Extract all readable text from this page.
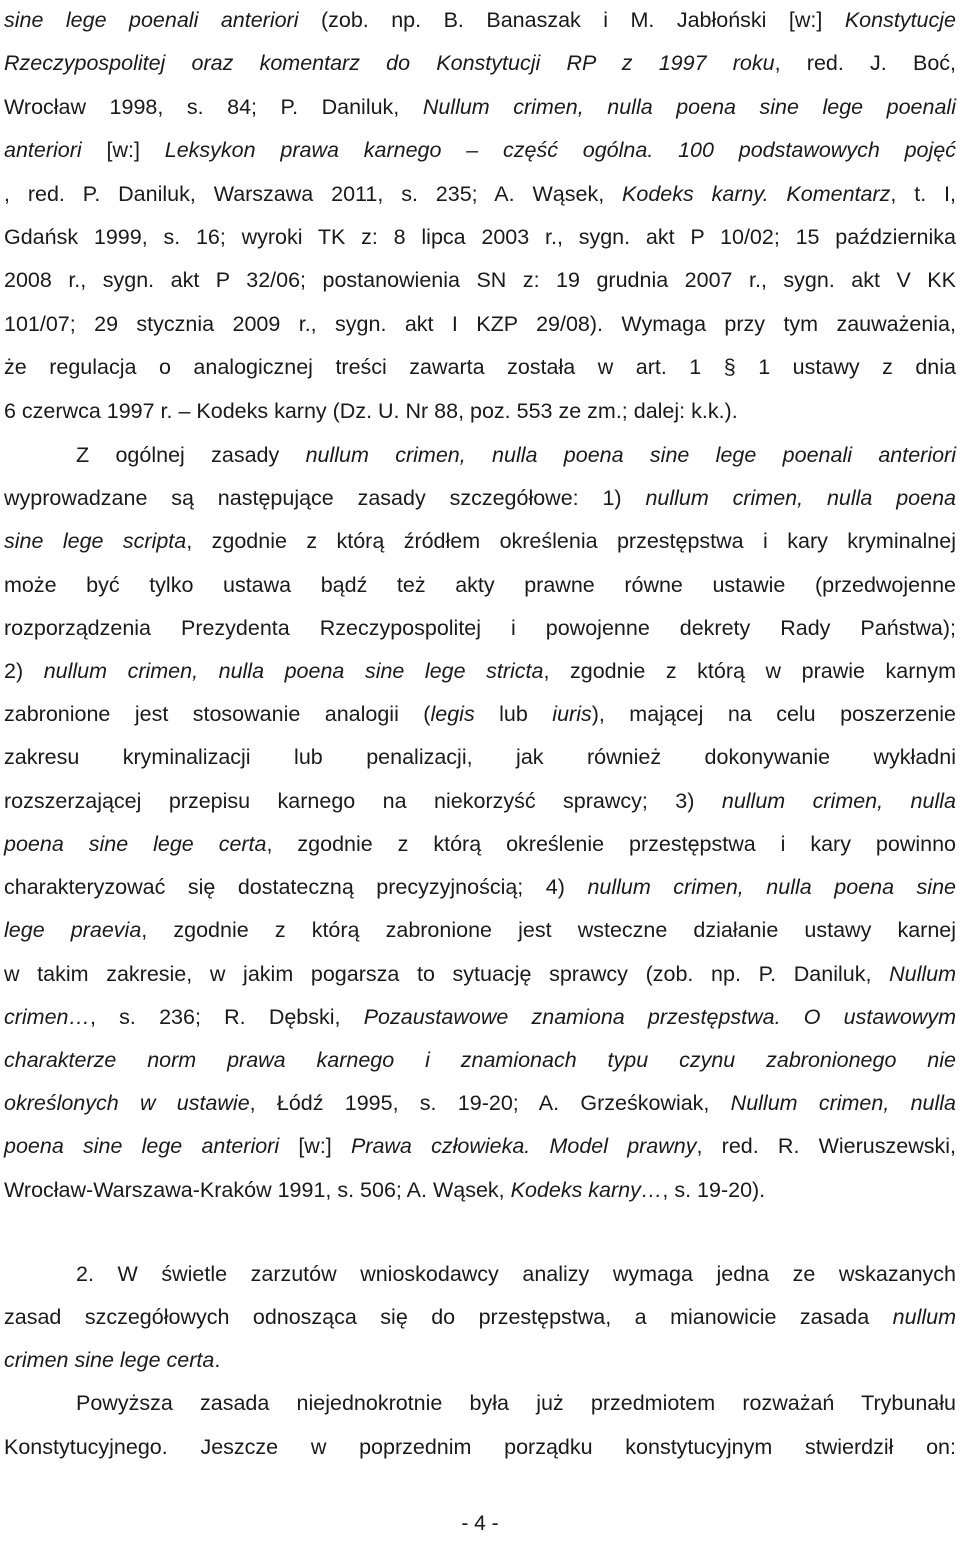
sine lege poenali anteriori (zob. np. B. Banaszak i M. Jabłoński [w:] Konstytucje
Rzeczypospolitej oraz komentarz do Konstytucji RP z 1997 roku, red. J. Boć,
Wrocław 1998, s. 84; P. Daniluk, Nullum crimen, nulla poena sine lege poenali
anteriori [w:] Leksykon prawa karnego – część ogólna. 100 podstawowych pojęć
, red. P. Daniluk, Warszawa 2011, s. 235; A. Wąsek, Kodeks karny. Komentarz, t. I,
Gdańsk 1999, s. 16; wyroki TK z: 8 lipca 2003 r., sygn. akt P 10/02; 15 października
2008 r., sygn. akt P 32/06; postanowienia SN z: 19 grudnia 2007 r., sygn. akt V KK
101/07; 29 stycznia 2009 r., sygn. akt I KZP 29/08). Wymaga przy tym zauważenia,
że regulacja o analogicznej treści zawarta została w art. 1 § 1 ustawy z dnia
6 czerwca 1997 r. – Kodeks karny (Dz. U. Nr 88, poz. 553 ze zm.; dalej: k.k.).
Z ogólnej zasady nullum crimen, nulla poena sine lege poenali anteriori
wyprowadzane są następujące zasady szczegółowe: 1) nullum crimen, nulla poena
sine lege scripta, zgodnie z którą źródłem określenia przestępstwa i kary kryminalnej
może być tylko ustawa bądź też akty prawne równe ustawie (przedwojenne
rozporządzenia Prezydenta Rzeczypospolitej i powojenne dekrety Rady Państwa);
2) nullum crimen, nulla poena sine lege stricta, zgodnie z którą w prawie karnym
zabronione jest stosowanie analogii (legis lub iuris), mającej na celu poszerzenie
zakresu kryminalizacji lub penalizacji, jak również dokonywanie wykładni
rozszerzającej przepisu karnego na niekorzyść sprawcy; 3) nullum crimen, nulla
poena sine lege certa, zgodnie z którą określenie przestępstwa i kary powinno
charakteryzować się dostateczną precyzyjnością; 4) nullum crimen, nulla poena sine
lege praevia, zgodnie z którą zabronione jest wsteczne działanie ustawy karnej
w takim zakresie, w jakim pogarsza to sytuację sprawcy (zob. np. P. Daniluk, Nullum
crimen…, s. 236; R. Dębski, Pozaustawowe znamiona przestępstwa. O ustawowym
charakterze norm prawa karnego i znamionach typu czynu zabronionego nie
określonych w ustawie, Łódź 1995, s. 19-20; A. Grześkowiak, Nullum crimen, nulla
poena sine lege anteriori [w:] Prawa człowieka. Model prawny, red. R. Wieruszewski,
Wrocław-Warszawa-Kraków 1991, s. 506; A. Wąsek, Kodeks karny…, s. 19-20).
2. W świetle zarzutów wnioskodawcy analizy wymaga jedna ze wskazanych
zasad szczegółowych odnosząca się do przestępstwa, a mianowicie zasada nullum
crimen sine lege certa.
Powyższa zasada niejednokrotnie była już przedmiotem rozważań Trybunału
Konstytucyjnego. Jeszcze w poprzednim porządku konstytucyjnym stwierdził on:
- 4 -
